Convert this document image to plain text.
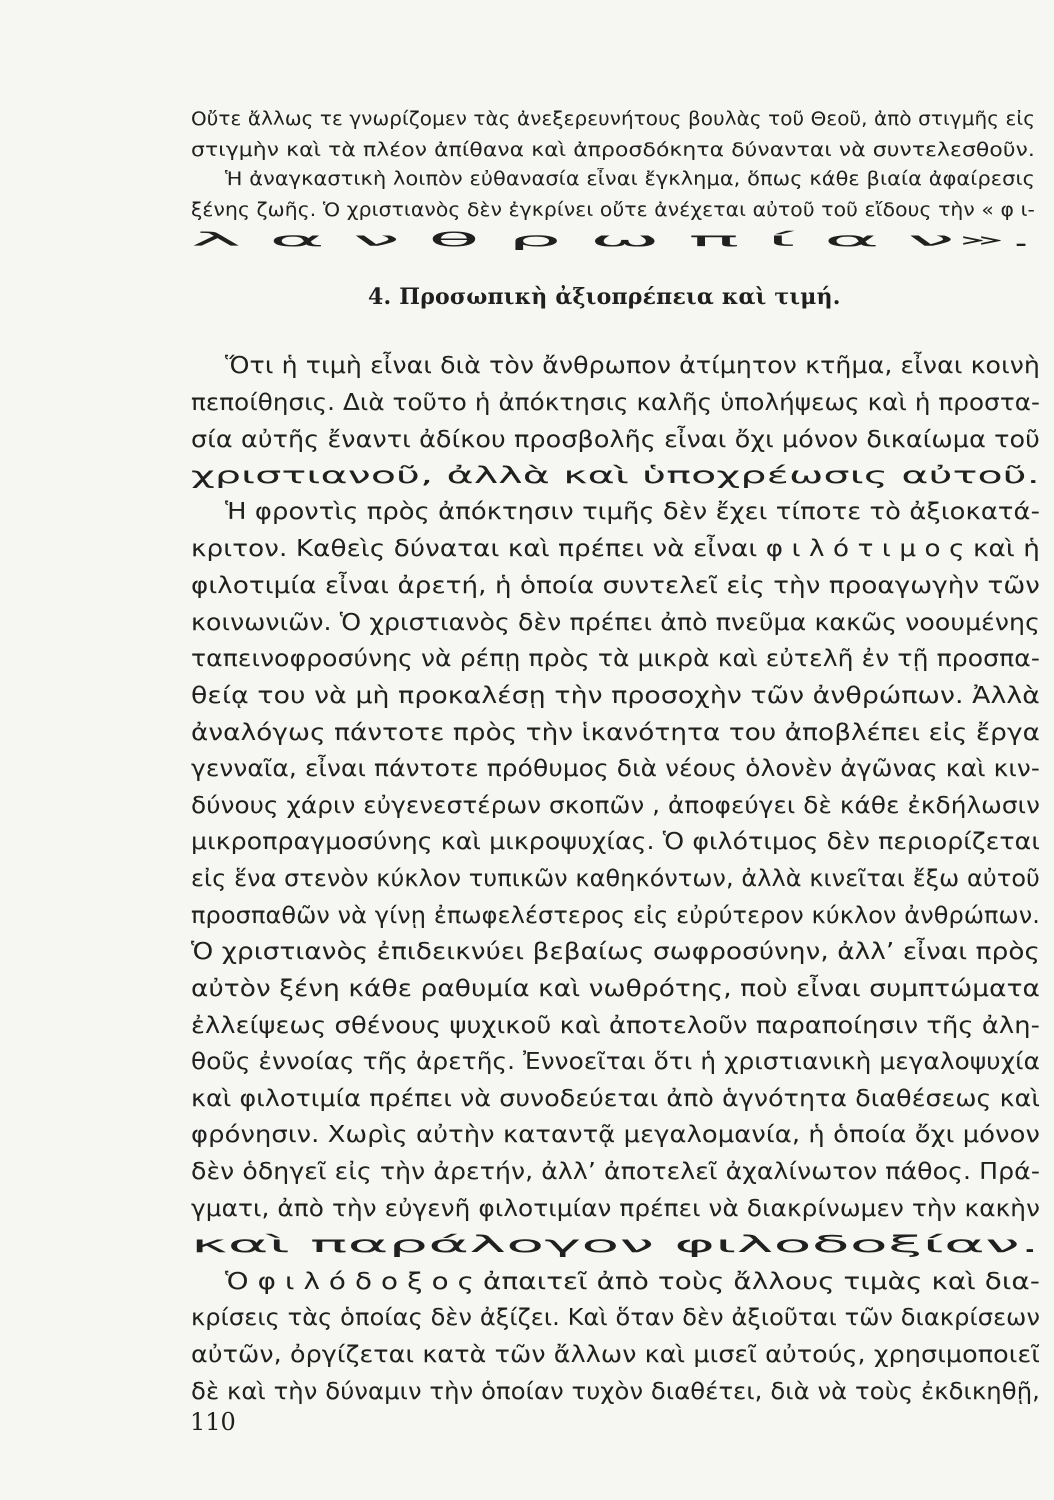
Οὔτε ἄλλως τε γνωρίζομεν τὰς ἀνεξερευνήτους βουλὰς τοῦ Θεοῦ, ἀπὸ στιγμῆς εἰς
στιγμὴν καὶ τὰ πλέον ἀπίθανα καὶ ἀπροσδόκητα δύνανται νὰ συντελεσθοῦν.
Ἡ ἀναγκαστικὴ λοιπὸν εὐθανασία εἶναι ἔγκλημα, ὅπως κάθε βιαία ἀφαίρεσις
ξένης ζωῆς. Ὁ χριστιανὸς δὲν ἐγκρίνει οὔτε ἀνέχεται αὐτοῦ τοῦ εἴδους τὴν « φ ι-
λ α ν θ ρ ω π ί α ν».
4. Προσωπικὴ ἀξιοπρέπεια καὶ τιμή.
Ὅτι ἡ τιμὴ εἶναι διὰ τὸν ἄνθρωπον ἀτίμητον κτῆμα, εἶναι κοινὴ
πεποίθησις. Διὰ τοῦτο ἡ ἀπόκτησις καλῆς ὑπολήψεως καὶ ἡ προστα-
σία αὐτῆς ἔναντι ἀδίκου προσβολῆς εἶναι ὄχι μόνον δικαίωμα τοῦ
χριστιανοῦ, ἀλλὰ καὶ ὑποχρέωσις αὐτοῦ.
Ἡ φροντὶς πρὸς ἀπόκτησιν τιμῆς δὲν ἔχει τίποτε τὸ ἀξιοκατά-
κριτον. Καθεὶς δύναται καὶ πρέπει νὰ εἶναι φ ι λ ό τ ι μ ο ς καὶ ἡ
φιλοτιμία εἶναι ἀρετή, ἡ ὁποία συντελεῖ εἰς τὴν προαγωγὴν τῶν
κοινωνιῶν. Ὁ χριστιανὸς δὲν πρέπει ἀπὸ πνεῦμα κακῶς νοουμένης
ταπεινοφροσύνης νὰ ρέπῃ πρὸς τὰ μικρὰ καὶ εὐτελῆ ἐν τῇ προσπα-
θείᾳ του νὰ μὴ προκαλέσῃ τὴν προσοχὴν τῶν ἀνθρώπων. Ἀλλὰ
ἀναλόγως πάντοτε πρὸς τὴν ἱκανότητα του ἀποβλέπει εἰς ἔργα
γενναῖα, εἶναι πάντοτε πρόθυμος διὰ νέους ὁλονὲν ἀγῶνας καὶ κιν-
δύνους χάριν εὐγενεστέρων σκοπῶν , ἀποφεύγει δὲ κάθε ἐκδήλωσιν
μικροπραγμοσύνης καὶ μικροψυχίας. Ὁ φιλότιμος δὲν περιορίζεται
εἰς ἕνα στενὸν κύκλον τυπικῶν καθηκόντων, ἀλλὰ κινεῖται ἔξω αὐτοῦ
προσπαθῶν νὰ γίνῃ ἐπωφελέστερος εἰς εὐρύτερον κύκλον ἀνθρώπων.
Ὁ χριστιανὸς ἐπιδεικνύει βεβαίως σωφροσύνην, ἀλλ’ εἶναι πρὸς
αὐτὸν ξένη κάθε ραθυμία καὶ νωθρότης, ποὺ εἶναι συμπτώματα
ἐλλείψεως σθένους ψυχικοῦ καὶ ἀποτελοῦν παραποίησιν τῆς ἀλη-
θοῦς ἐννοίας τῆς ἀρετῆς. Ἐννοεῖται ὅτι ἡ χριστιανικὴ μεγαλοψυχία
καὶ φιλοτιμία πρέπει νὰ συνοδεύεται ἀπὸ ἁγνότητα διαθέσεως καὶ
φρόνησιν. Χωρὶς αὐτὴν καταντᾷ μεγαλομανία, ἡ ὁποία ὄχι μόνον
δὲν ὁδηγεῖ εἰς τὴν ἀρετήν, ἀλλ’ ἀποτελεῖ ἀχαλίνωτον πάθος. Πρά-
γματι, ἀπὸ τὴν εὐγενῆ φιλοτιμίαν πρέπει νὰ διακρίνωμεν τὴν κακὴν
καὶ παράλογον φιλοδοξίαν.
Ὁ φ ι λ ό δ ο ξ ο ς ἀπαιτεῖ ἀπὸ τοὺς ἄλλους τιμὰς καὶ δια-
κρίσεις τὰς ὁποίας δὲν ἀξίζει. Καὶ ὅταν δὲν ἀξιοῦται τῶν διακρίσεων
αὐτῶν, ὀργίζεται κατὰ τῶν ἄλλων καὶ μισεῖ αὐτούς, χρησιμοποιεῖ
δὲ καὶ τὴν δύναμιν τὴν ὁποίαν τυχὸν διαθέτει, διὰ νὰ τοὺς ἐκδικηθῇ,
110
